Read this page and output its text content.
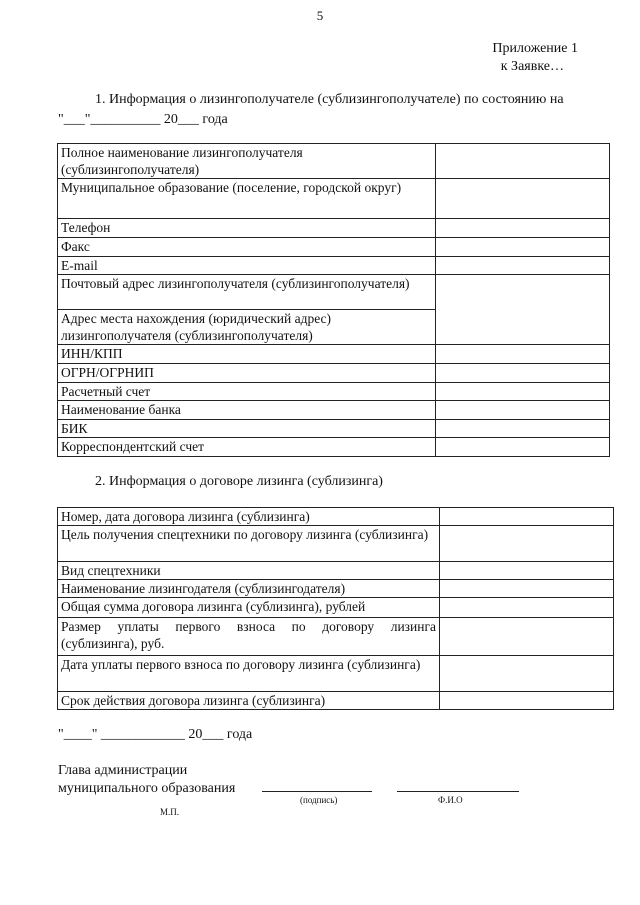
5
Приложение 1
к Заявке…
1. Информация о лизингополучателе (сублизингополучателе) по состоянию на
"___"__________ 20___ года
Полное наименование лизингополучателя (сублизингополучателя)	
Муниципальное образование (поселение, городской округ)	
Телефон	
Факс	
E-mail	
Почтовый адрес лизингополучателя (сублизингополучателя)	
Адрес места нахождения (юридический адрес) лизингополучателя (сублизингополучателя)	
ИНН/КПП	
ОГРН/ОГРНИП	
Расчетный счет	
Наименование банка	
БИК	
Корреспондентский счет	
2. Информация о договоре лизинга (сублизинга)
Номер, дата договора лизинга (сублизинга)	
Цель получения спецтехники по договору лизинга (сублизинга)	
Вид спецтехники	
Наименование лизингодателя (сублизингодателя)	
Общая сумма договора лизинга (сублизинга), рублей	
Размер уплаты первого взноса по договору лизинга (сублизинга), руб.	
Дата уплаты первого взноса по договору лизинга (сублизинга)	
Срок действия договора лизинга (сублизинга)	
"____" ____________ 20___ года
Глава администрации
муниципального образования
(подпись)	Ф.И.О
М.П.
